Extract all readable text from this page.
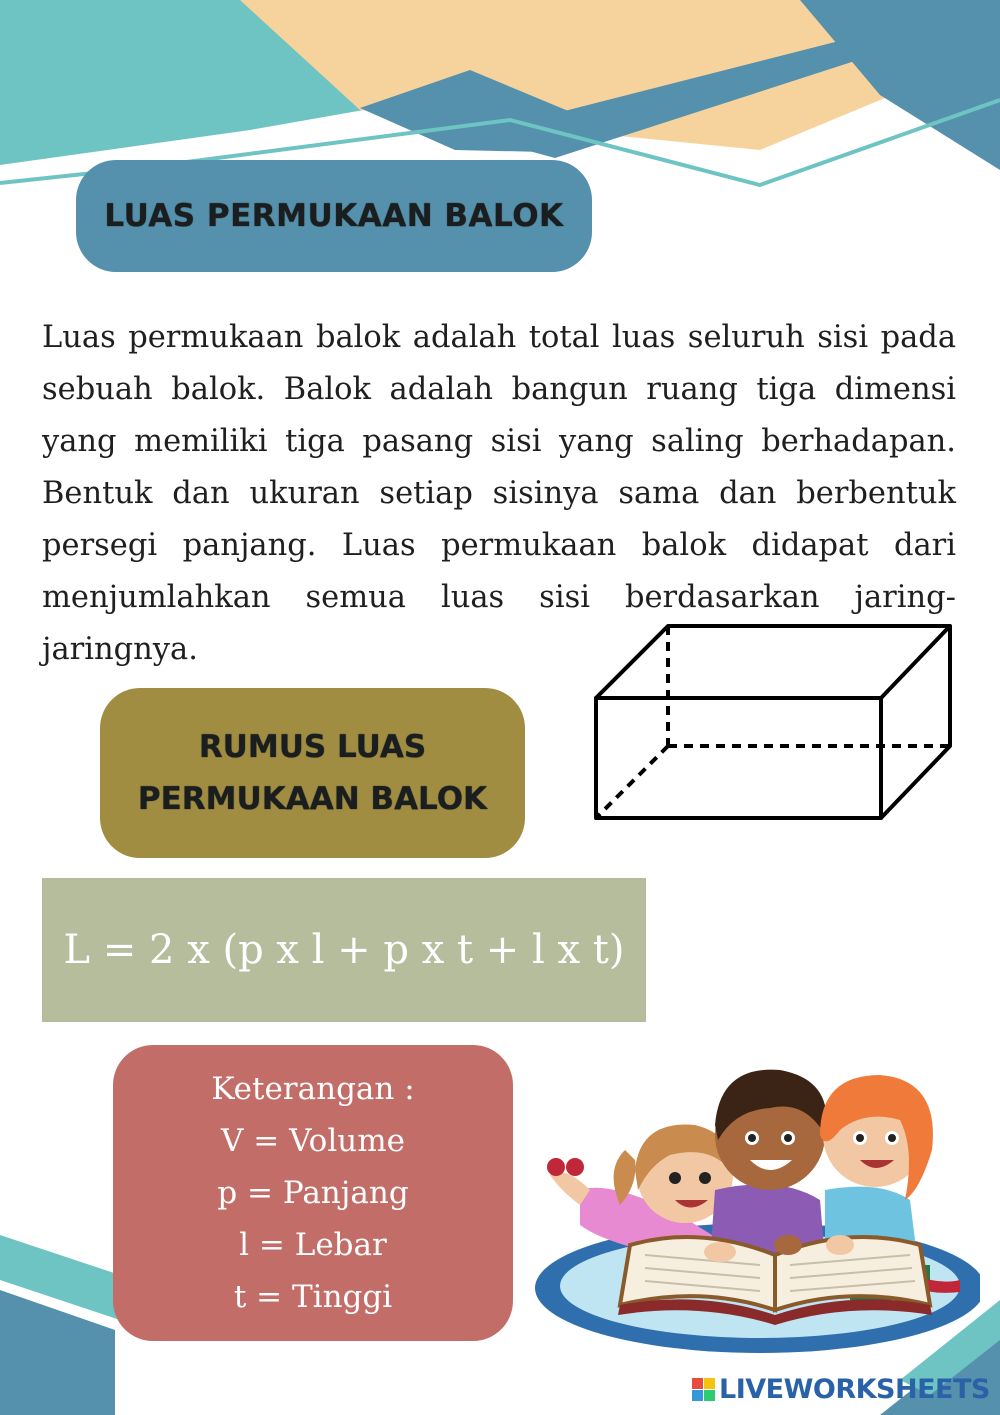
LUAS PERMUKAAN BALOK

Luas permukaan balok adalah total luas seluruh sisi pada sebuah balok. Balok adalah bangun ruang tiga dimensi yang memiliki tiga pasang sisi yang saling berhadapan. Bentuk dan ukuran setiap sisinya sama dan berbentuk persegi panjang. Luas permukaan balok didapat dari menjumlahkan semua luas sisi berdasarkan jaring-jaringnya.

RUMUS LUAS
PERMUKAAN BALOK
L = 2 x (p x l + p x t + l x t)
Keterangan :
V = Volume
p = Panjang
l = Lebar
t = Tinggi
LIVEWORKSHEETS
